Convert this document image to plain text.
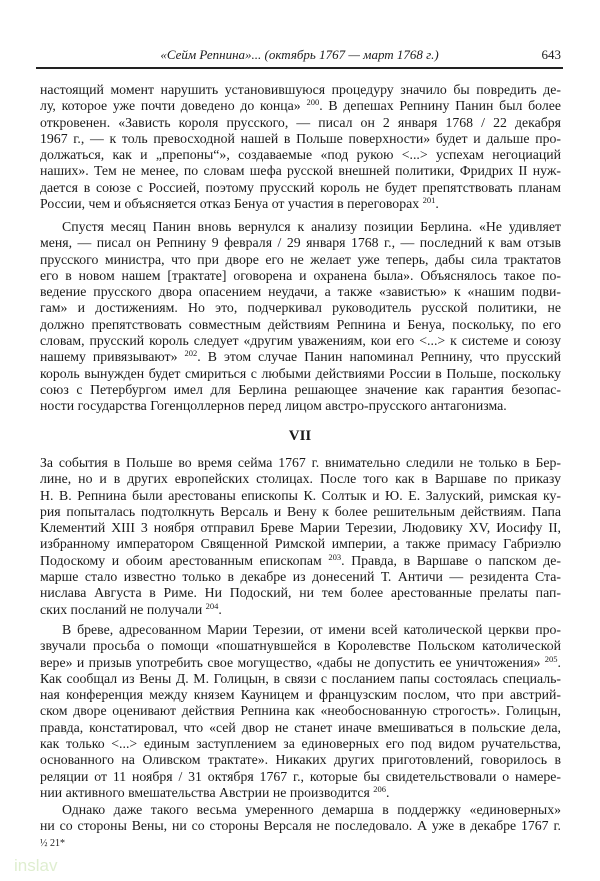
«Сейм Репнина»... (октябрь 1767 — март 1768 г.)	643
настоящий момент нарушить установившуюся процедуру значило бы повредить де-
лу, которое уже почти доведено до конца» $^{200}$. В депешах Репнину Панин был более
откровенен. «Зависть короля прусского, — писал он 2 января 1768 / 22 декабря
1967 г., — к толь превосходной нашей в Польше поверхности» будет и дальше про-
должаться, как и „препоны“», создаваемые «под рукою <...> успехам негоциаций
наших». Тем не менее, по словам шефа русской внешней политики, Фридрих II нуж-
дается в союзе с Россией, поэтому прусский король не будет препятствовать планам
России, чем и объясняется отказ Бенуа от участия в переговорах $^{201}$.
Спустя месяц Панин вновь вернулся к анализу позиции Берлина. «Не удивляет
меня, — писал он Репнину 9 февраля / 29 января 1768 г., — последний к вам отзыв
прусского министра, что при дворе его не желает уже теперь, дабы сила трактатов
его в новом нашем [трактате] оговорена и охранена была». Объяснялось такое по-
ведение прусского двора опасением неудачи, а также «завистью» к «нашим подви-
гам» и достижениям. Но это, подчеркивал руководитель русской политики, не
должно препятствовать совместным действиям Репнина и Бенуа, поскольку, по его
словам, прусский король следует «другим уважениям, кои его <...> к системе и союзу
нашему привязывают» $^{202}$. В этом случае Панин напоминал Репнину, что прусский
король вынужден будет смириться с любыми действиями России в Польше, поскольку
союз с Петербургом имел для Берлина решающее значение как гарантия безопас-
ности государства Гогенцоллернов перед лицом австро-прусского антагонизма.
VII
За события в Польше во время сейма 1767 г. внимательно следили не только в Бер-
лине, но и в других европейских столицах. После того как в Варшаве по приказу
Н. В. Репнина были арестованы епископы К. Солтык и Ю. Е. Залуский, римская ку-
рия попыталась подтолкнуть Версаль и Вену к более решительным действиям. Папа
Клементий XIII 3 ноября отправил Бреве Марии Терезии, Людовику XV, Иосифу II,
избранному императором Священной Римской империи, а также примасу Габриэлю
Подоскому и обоим арестованным епископам $^{203}$. Правда, в Варшаве о папском де-
марше стало известно только в декабре из донесений Т. Античи — резидента Ста-
нислава Августа в Риме. Ни Подоский, ни тем более арестованные прелаты пап-
ских посланий не получали $^{204}$.
В бреве, адресованном Марии Терезии, от имени всей католической церкви про-
звучали просьба о помощи «пошатнувшейся в Королевстве Польском католической
вере» и призыв употребить свое могущество, «дабы не допустить ее уничтожения» $^{205}$.
Как сообщал из Вены Д. М. Голицын, в связи с посланием папы состоялась специаль-
ная конференция между князем Кауницем и французским послом, что при австрий-
ском дворе оценивают действия Репнина как «необоснованную строгость». Голицын,
правда, констатировал, что «сей двор не станет иначе вмешиваться в польские дела,
как только <...> единым заступлением за единоверных его под видом ручательства,
основанного на Оливском трактате». Никаких других приготовлений, говорилось в
реляции от 11 ноября / 31 октября 1767 г., которые бы свидетельствовали о намере-
нии активного вмешательства Австрии не производится $^{206}$.
Однако даже такого весьма умеренного демарша в поддержку «единоверных»
ни со стороны Вены, ни со стороны Версаля не последовало. А уже в декабре 1767 г.
½ 21*
inslav
